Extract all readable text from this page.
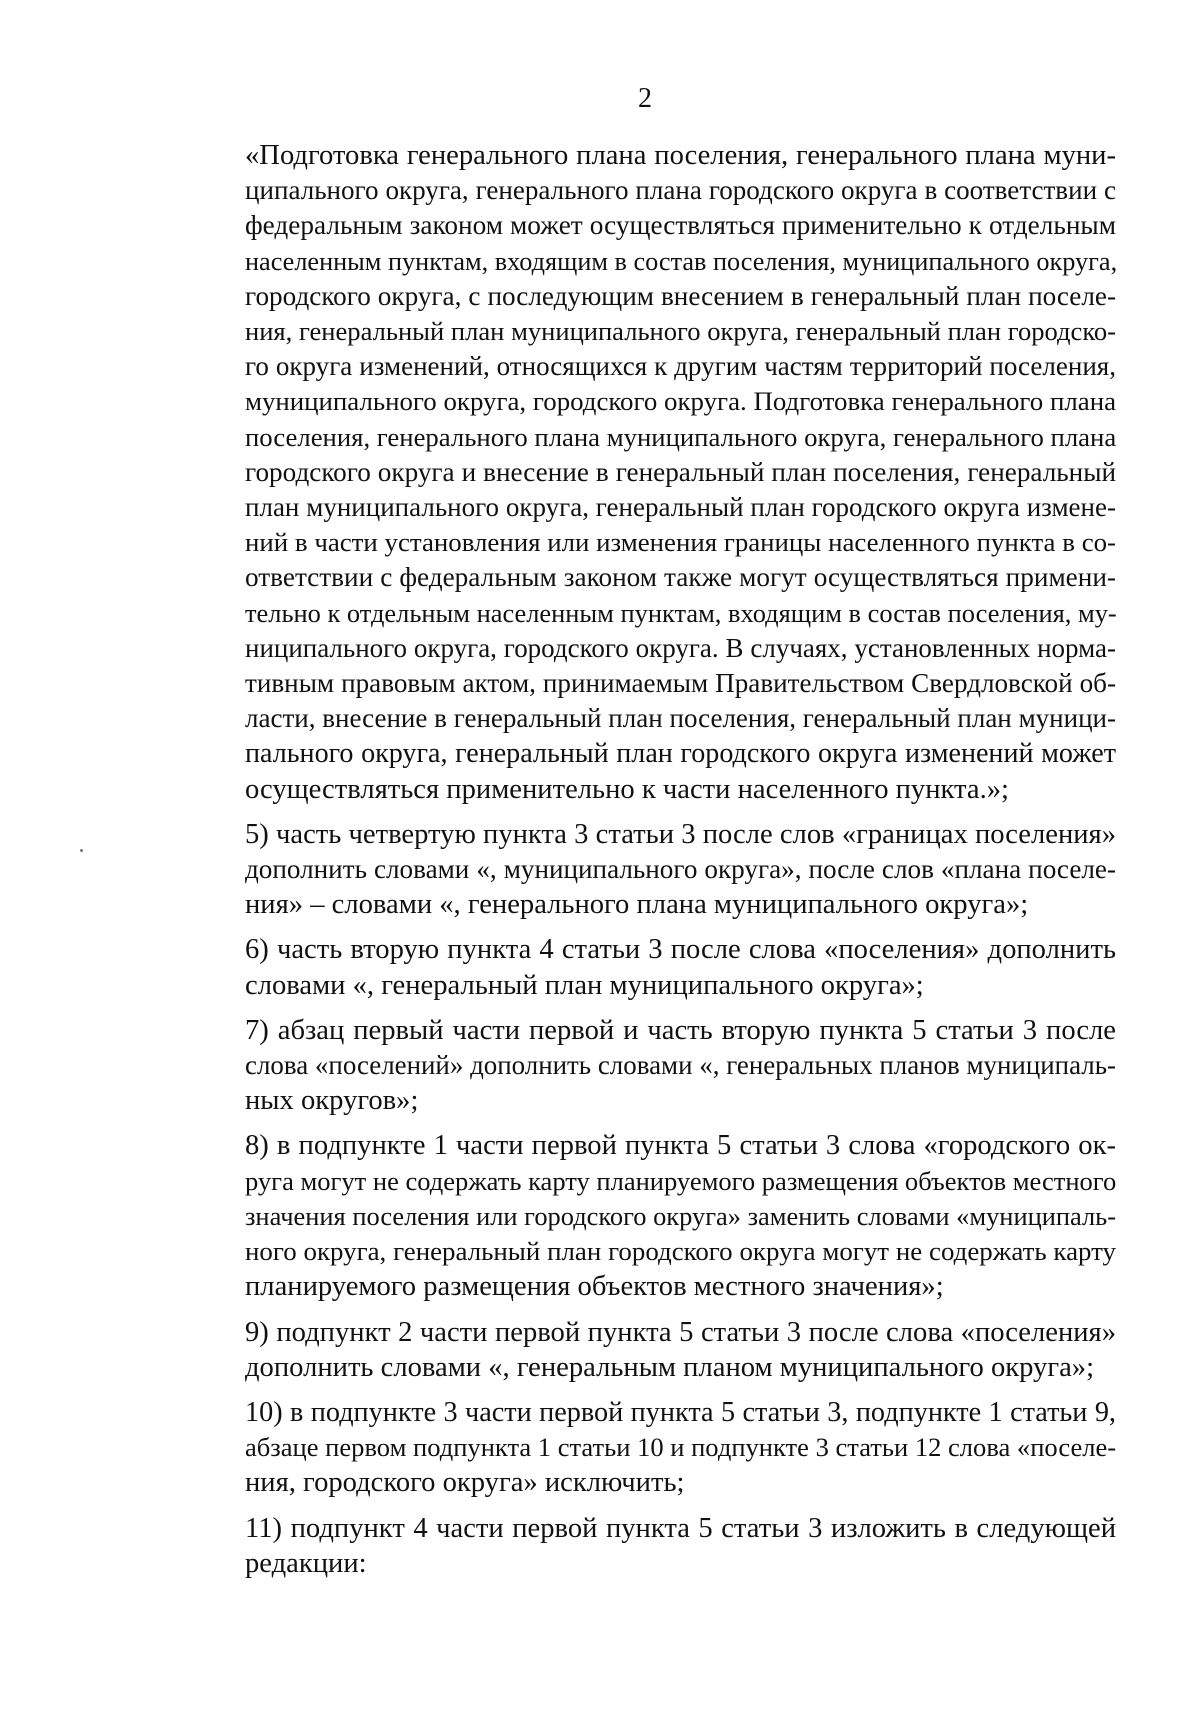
2

«Подготовка генерального плана поселения, генерального плана муни-
ципального округа, генерального плана городского округа в соответствии с
федеральным законом может осуществляться применительно к отдельным
населенным пунктам, входящим в состав поселения, муниципального округа,
городского округа, с последующим внесением в генеральный план поселе-
ния, генеральный план муниципального округа, генеральный план городско-
го округа изменений, относящихся к другим частям территорий поселения,
муниципального округа, городского округа. Подготовка генерального плана
поселения, генерального плана муниципального округа, генерального плана
городского округа и внесение в генеральный план поселения, генеральный
план муниципального округа, генеральный план городского округа измене-
ний в части установления или изменения границы населенного пункта в со-
ответствии с федеральным законом также могут осуществляться примени-
тельно к отдельным населенным пунктам, входящим в состав поселения, му-
ниципального округа, городского округа. В случаях, установленных норма-
тивным правовым актом, принимаемым Правительством Свердловской об-
ласти, внесение в генеральный план поселения, генеральный план муници-
пального округа, генеральный план городского округа изменений может
осуществляться применительно к части населенного пункта.»;

5) часть четвертую пункта 3 статьи 3 после слов «границах поселения»
дополнить словами «, муниципального округа», после слов «плана поселе-
ния» – словами «, генерального плана муниципального округа»;

6) часть вторую пункта 4 статьи 3 после слова «поселения» дополнить
словами «, генеральный план муниципального округа»;

7) абзац первый части первой и часть вторую пункта 5 статьи 3 после
слова «поселений» дополнить словами «, генеральных планов муниципаль-
ных округов»;

8) в подпункте 1 части первой пункта 5 статьи 3 слова «городского ок-
руга могут не содержать карту планируемого размещения объектов местного
значения поселения или городского округа» заменить словами «муниципаль-
ного округа, генеральный план городского округа могут не содержать карту
планируемого размещения объектов местного значения»;

9) подпункт 2 части первой пункта 5 статьи 3 после слова «поселения»
дополнить словами «, генеральным планом муниципального округа»;

10) в подпункте 3 части первой пункта 5 статьи 3, подпункте 1 статьи 9,
абзаце первом подпункта 1 статьи 10 и подпункте 3 статьи 12 слова «поселе-
ния, городского округа» исключить;

11) подпункт 4 части первой пункта 5 статьи 3 изложить в следующей
редакции:
